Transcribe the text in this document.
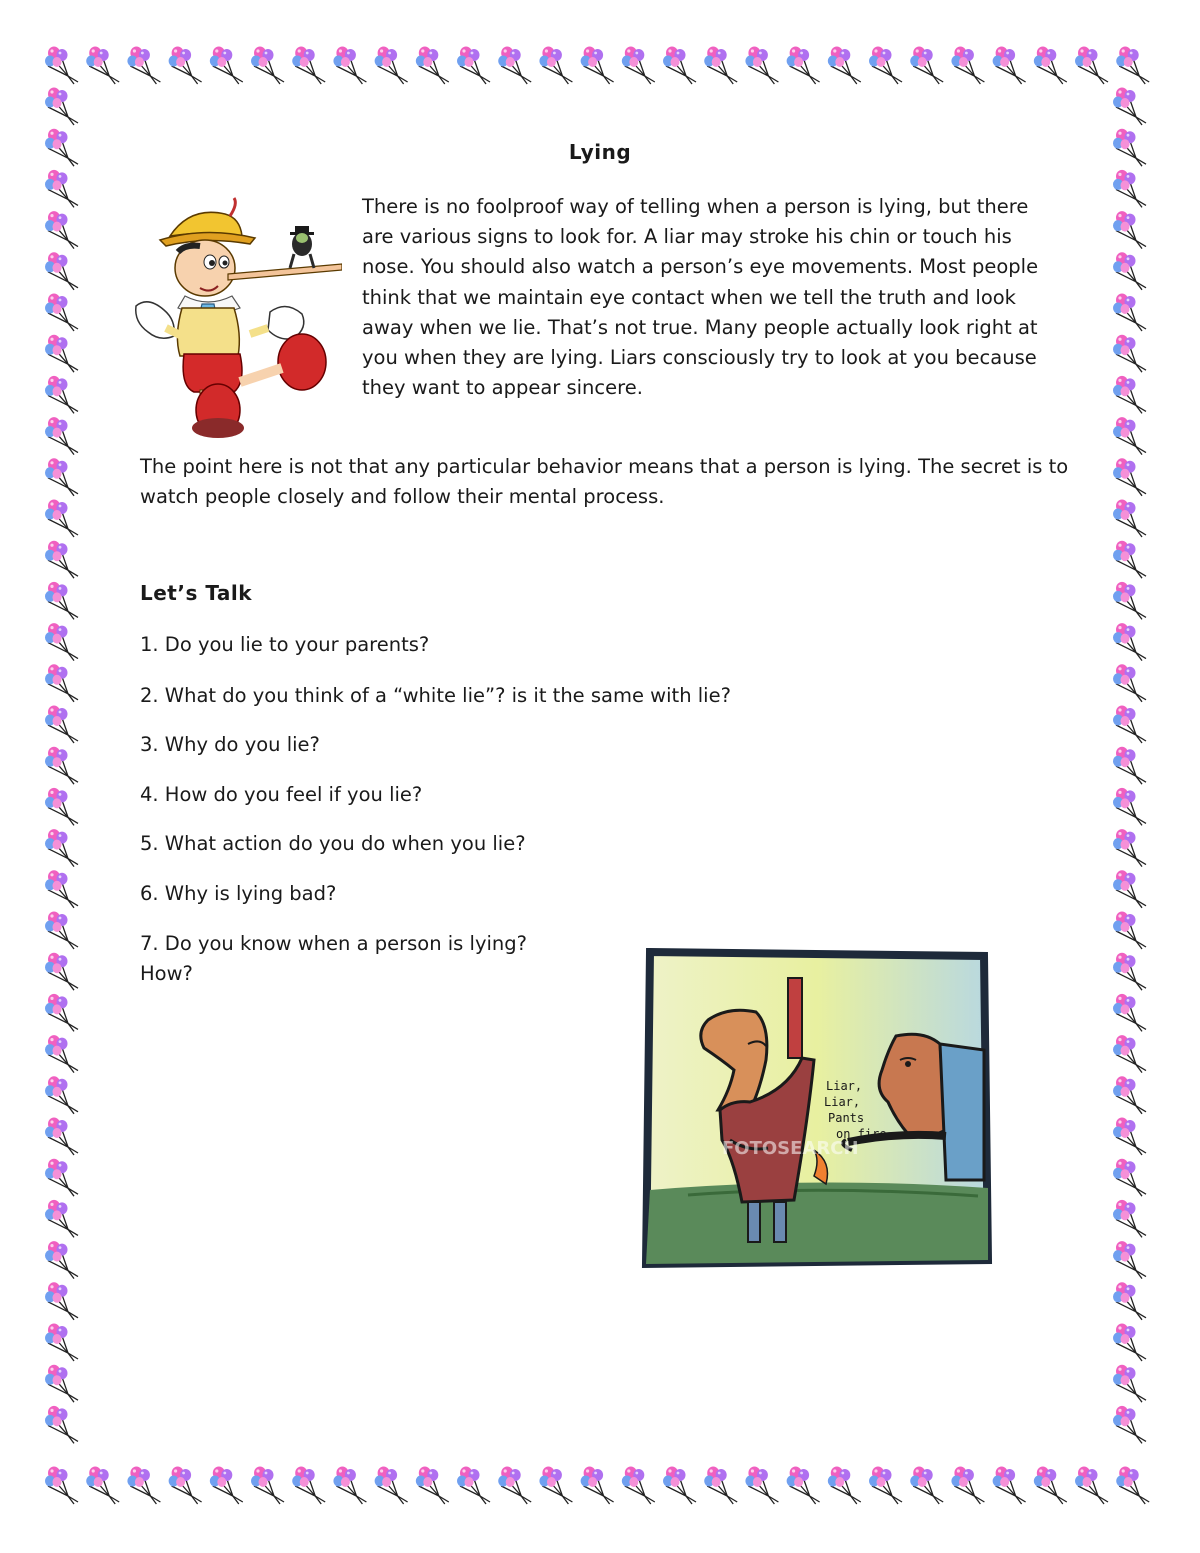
Lying
There is no foolproof way of telling when a person is lying, but there are various signs to look for. A liar may stroke his chin or touch his nose. You should also watch a person’s eye movements. Most people think that we maintain eye contact when we tell the truth and look away when we lie. That’s not true. Many people actually look right at you when they are lying. Liars consciously try to look at you because they want to appear sincere.
The point here is not that any particular behavior means that a person is lying. The secret is to watch people closely and follow their mental process.
Let’s Talk
1. Do you lie to your parents?
2. What do you think of a “white lie”? is it the same with lie?
3. Why do you lie?
4. How do you feel if you lie?
5. What action do you do when you lie?
6. Why is lying bad?
7. Do you know when a person is lying?
How?
Liar,
Liar,
Pants
on fire
FOTOSEARCH
